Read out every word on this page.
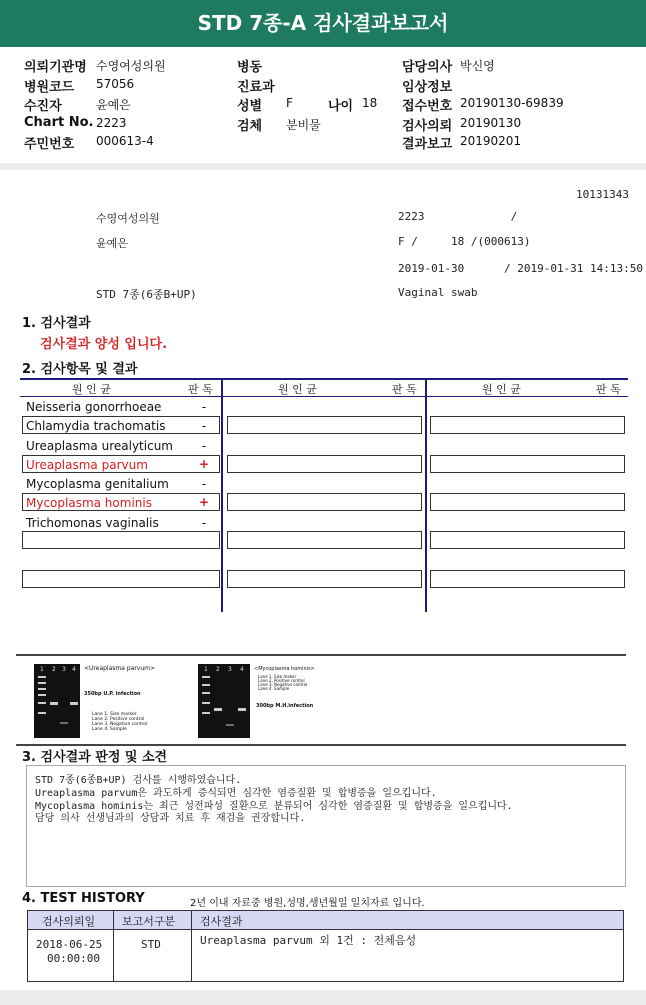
STD 7종-A 검사결과보고서
의뢰기관명 수영여성의원
병원코드 57056
수진자	윤예은
Chart No. 2223
주민번호 000613-4
병동
진료과
성별 F	나이 18
검체 분비물
담당의사 박신영
임상정보
접수번호 20190130-69839
검사의뢰 20190130
결과보고 20190201
10131343
수영여성의원	2223             /
윤예은	F /     18 /(000613)
2019-01-30      / 2019-01-31 14:13:50
STD 7종(6종B+UP)	Vaginal swab
1. 검사결과
검사결과 양성 입니다.
2. 검사항목 및 결과
원 인 균	판 독	원 인 균	판 독	원 인 균	판 독
Neisseria gonorrhoeae	-
Chlamydia trachomatis	-
Ureaplasma urealyticum	-
Ureaplasma parvum	+
Mycoplasma genitalium	-
Mycoplasma hominis	+
Trichomonas vaginalis	-
1 2 3 4	1 2 3 4
<Ureaplasma parvum>
350bp U.P. infection
Lane 1. Size marker
Lane 2. Positive control
Lane 3. Negative control
Lane 4. Sample
<Mycoplasma hominis>
300bp M.H.infection
Lane 1. Size maker
Lane 2. Positive control
Lane 3. Negative control
Lane 4. Sample
3. 검사결과 판정 및 소견
STD 7종(6종B+UP) 검사를 시행하였습니다.
Ureaplasma parvum은 과도하게 증식되면 심각한 염증질환 및 합병증을 일으킵니다.
Mycoplasma hominis는 최근 성전파성 질환으로 분류되어 심각한 염증질환 및 합병증을 일으킵니다.
담당 의사 선생님과의 상담과 치료 후 재검을 권장합니다.
4. TEST HISTORY	2년 이내 자료중 병원,성명,생년월일 일치자료 입니다.
검사의뢰일 보고서구분 검사결과
2018-06-25
00:00:00
STD	Ureaplasma parvum 외 1건 : 전체음성
